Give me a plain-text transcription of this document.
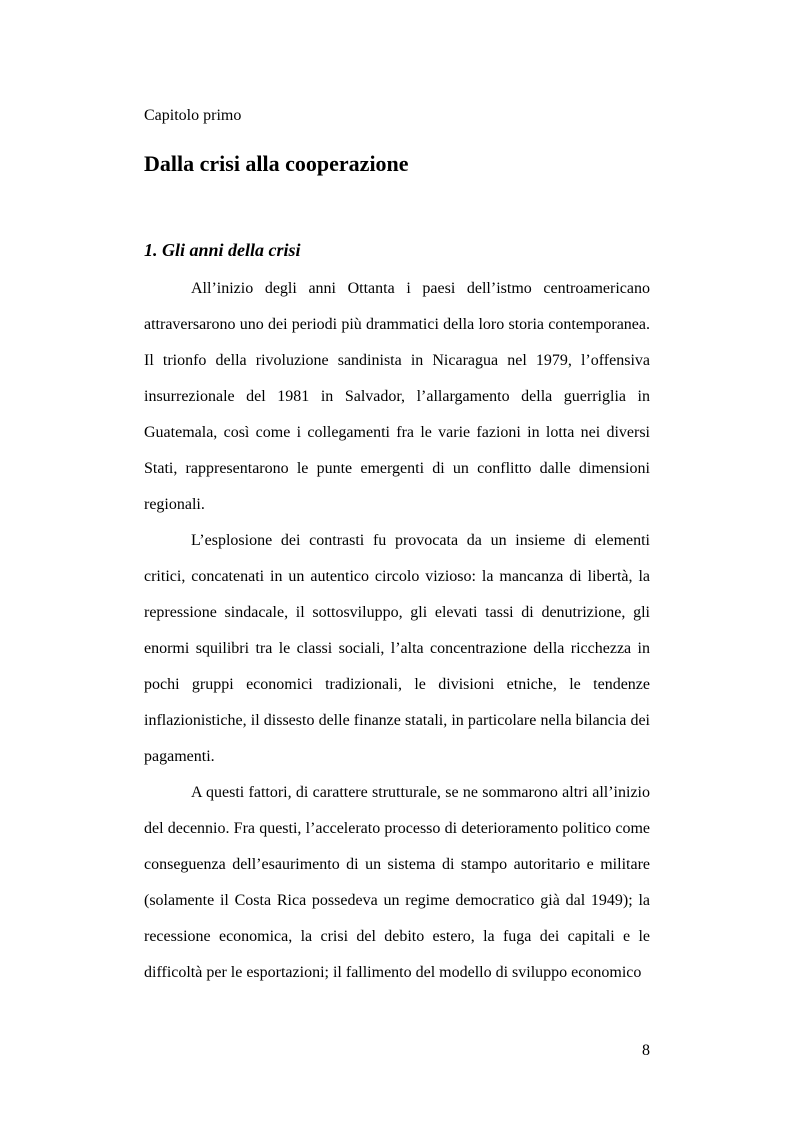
Capitolo primo
Dalla crisi alla cooperazione
1. Gli anni della crisi

All’inizio degli anni Ottanta i paesi dell’istmo centroamericano attraversarono uno dei periodi più drammatici della loro storia contemporanea. Il trionfo della rivoluzione sandinista in Nicaragua nel 1979, l’offensiva insurrezionale del 1981 in Salvador, l’allargamento della guerriglia in Guatemala, così come i collegamenti fra le varie fazioni in lotta nei diversi Stati, rappresentarono le punte emergenti di un conflitto dalle dimensioni regionali.

L’esplosione dei contrasti fu provocata da un insieme di elementi critici, concatenati in un autentico circolo vizioso: la mancanza di libertà, la repressione sindacale, il sottosviluppo, gli elevati tassi di denutrizione, gli enormi squilibri tra le classi sociali, l’alta concentrazione della ricchezza in pochi gruppi economici tradizionali, le divisioni etniche, le tendenze inflazionistiche, il dissesto delle finanze statali, in particolare nella bilancia dei pagamenti.

A questi fattori, di carattere strutturale, se ne sommarono altri all’inizio del decennio. Fra questi, l’accelerato processo di deterioramento politico come conseguenza dell’esaurimento di un sistema di stampo autoritario e militare (solamente il Costa Rica possedeva un regime democratico già dal 1949); la recessione economica, la crisi del debito estero, la fuga dei capitali e le difficoltà per le esportazioni; il fallimento del modello di sviluppo economico

8
